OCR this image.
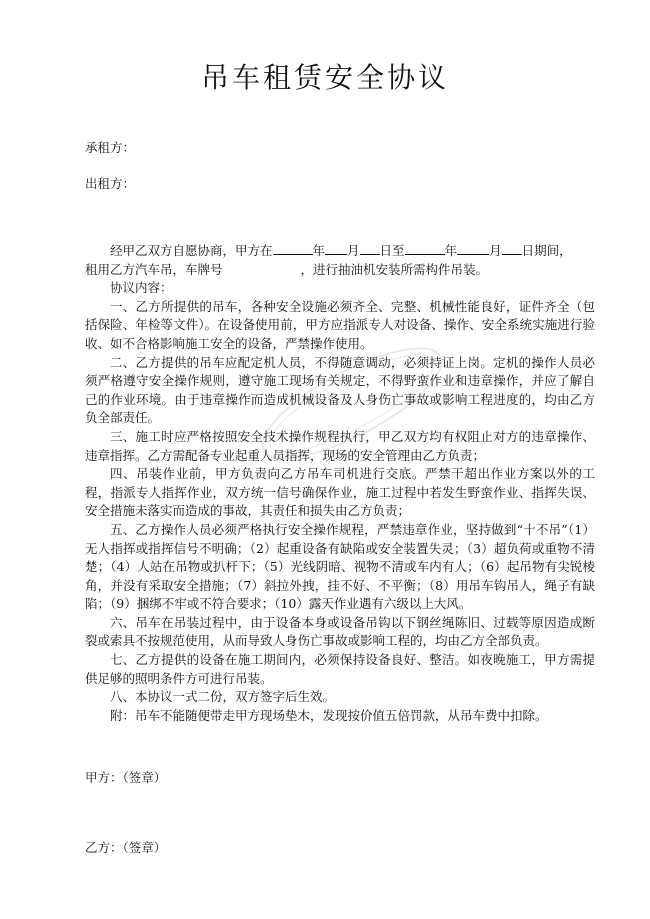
吊车租赁安全协议
承租方：
出租方：

经甲乙双方自愿协商，甲方在	年 月 日至	年	月 日期间，

租用乙方汽车吊，车牌号	，进行抽油机安装所需构件吊装。

协议内容：

一、乙方所提供的吊车，各种安全设施必须齐全、完整、机械性能良好，证件齐全（包括保险、年检等文件）。在设备使用前，甲方应指派专人对设备、操作、安全系统实施进行验收、如不合格影响施工安全的设备，严禁操作使用。

二、乙方提供的吊车应配定机人员，不得随意调动，必须持证上岗。定机的操作人员必须严格遵守安全操作规则，遵守施工现场有关规定，不得野蛮作业和违章操作，并应了解自己的作业环境。由于违章操作而造成机械设备及人身伤亡事故或影响工程进度的，均由乙方负全部责任。

三、施工时应严格按照安全技术操作规程执行，甲乙双方均有权阻止对方的违章操作、违章指挥。乙方需配备专业起重人员指挥，现场的安全管理由乙方负责；

四、吊装作业前，甲方负责向乙方吊车司机进行交底。严禁干超出作业方案以外的工程，指派专人指挥作业，双方统一信号确保作业，施工过程中若发生野蛮作业、指挥失误、安全措施未落实而造成的事故，其责任和损失由乙方负责；

五、乙方操作人员必须严格执行安全操作规程，严禁违章作业，坚持做到“十不吊”（1）无人指挥或指挥信号不明确；（2）起重设备有缺陷或安全装置失灵；（3）超负荷或重物不清楚；（4）人站在吊物或扒杆下；（5）光线阴暗、视物不清或车内有人；（6）起吊物有尖锐棱角，并没有采取安全措施；（7）斜拉外拽，挂不好、不平衡；（8）用吊车钩吊人，绳子有缺陷；（9）捆绑不牢或不符合要求；（10）露天作业遇有六级以上大风。

六、吊车在吊装过程中，由于设备本身或设备吊钩以下钢丝绳陈旧、过载等原因造成断裂或索具不按规范使用，从而导致人身伤亡事故或影响工程的，均由乙方全部负责。

七、乙方提供的设备在施工期间内，必须保持设备良好、整洁。如夜晚施工，甲方需提供足够的照明条件方可进行吊装。

八、本协议一式二份，双方签字后生效。

附：吊车不能随便带走甲方现场垫木，发现按价值五倍罚款，从吊车费中扣除。

甲方：（签章）
乙方：（签章）
